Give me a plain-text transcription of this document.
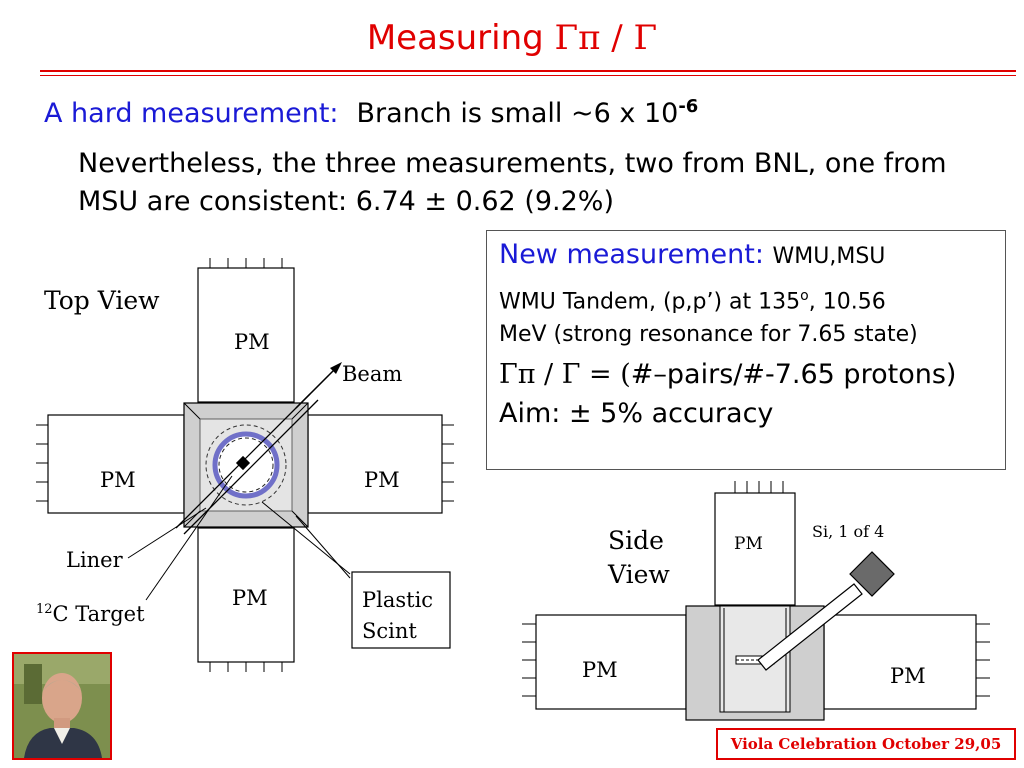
Measuring Γπ / Γ
A hard measurement: Branch is small ~6 x $10^{-6}$
Nevertheless, the three measurements, two from BNL, one from MSU are consistent: 6.74 ± 0.62 (9.2%)
New measurement: WMU,MSU
WMU Tandem, (p,p’) at 135$^o$, 10.56
MeV (strong resonance for 7.65 state)
Γπ / Γ = (#–pairs/#-7.65 protons)
Aim: ± 5% accuracy
Top View
PM
PM	PM
PM
Beam
Liner
$^{12}$C Target
Plastic
Scint
Side
View
PM
Si, 1 of 4
PM	PM
Viola Celebration October 29,05
